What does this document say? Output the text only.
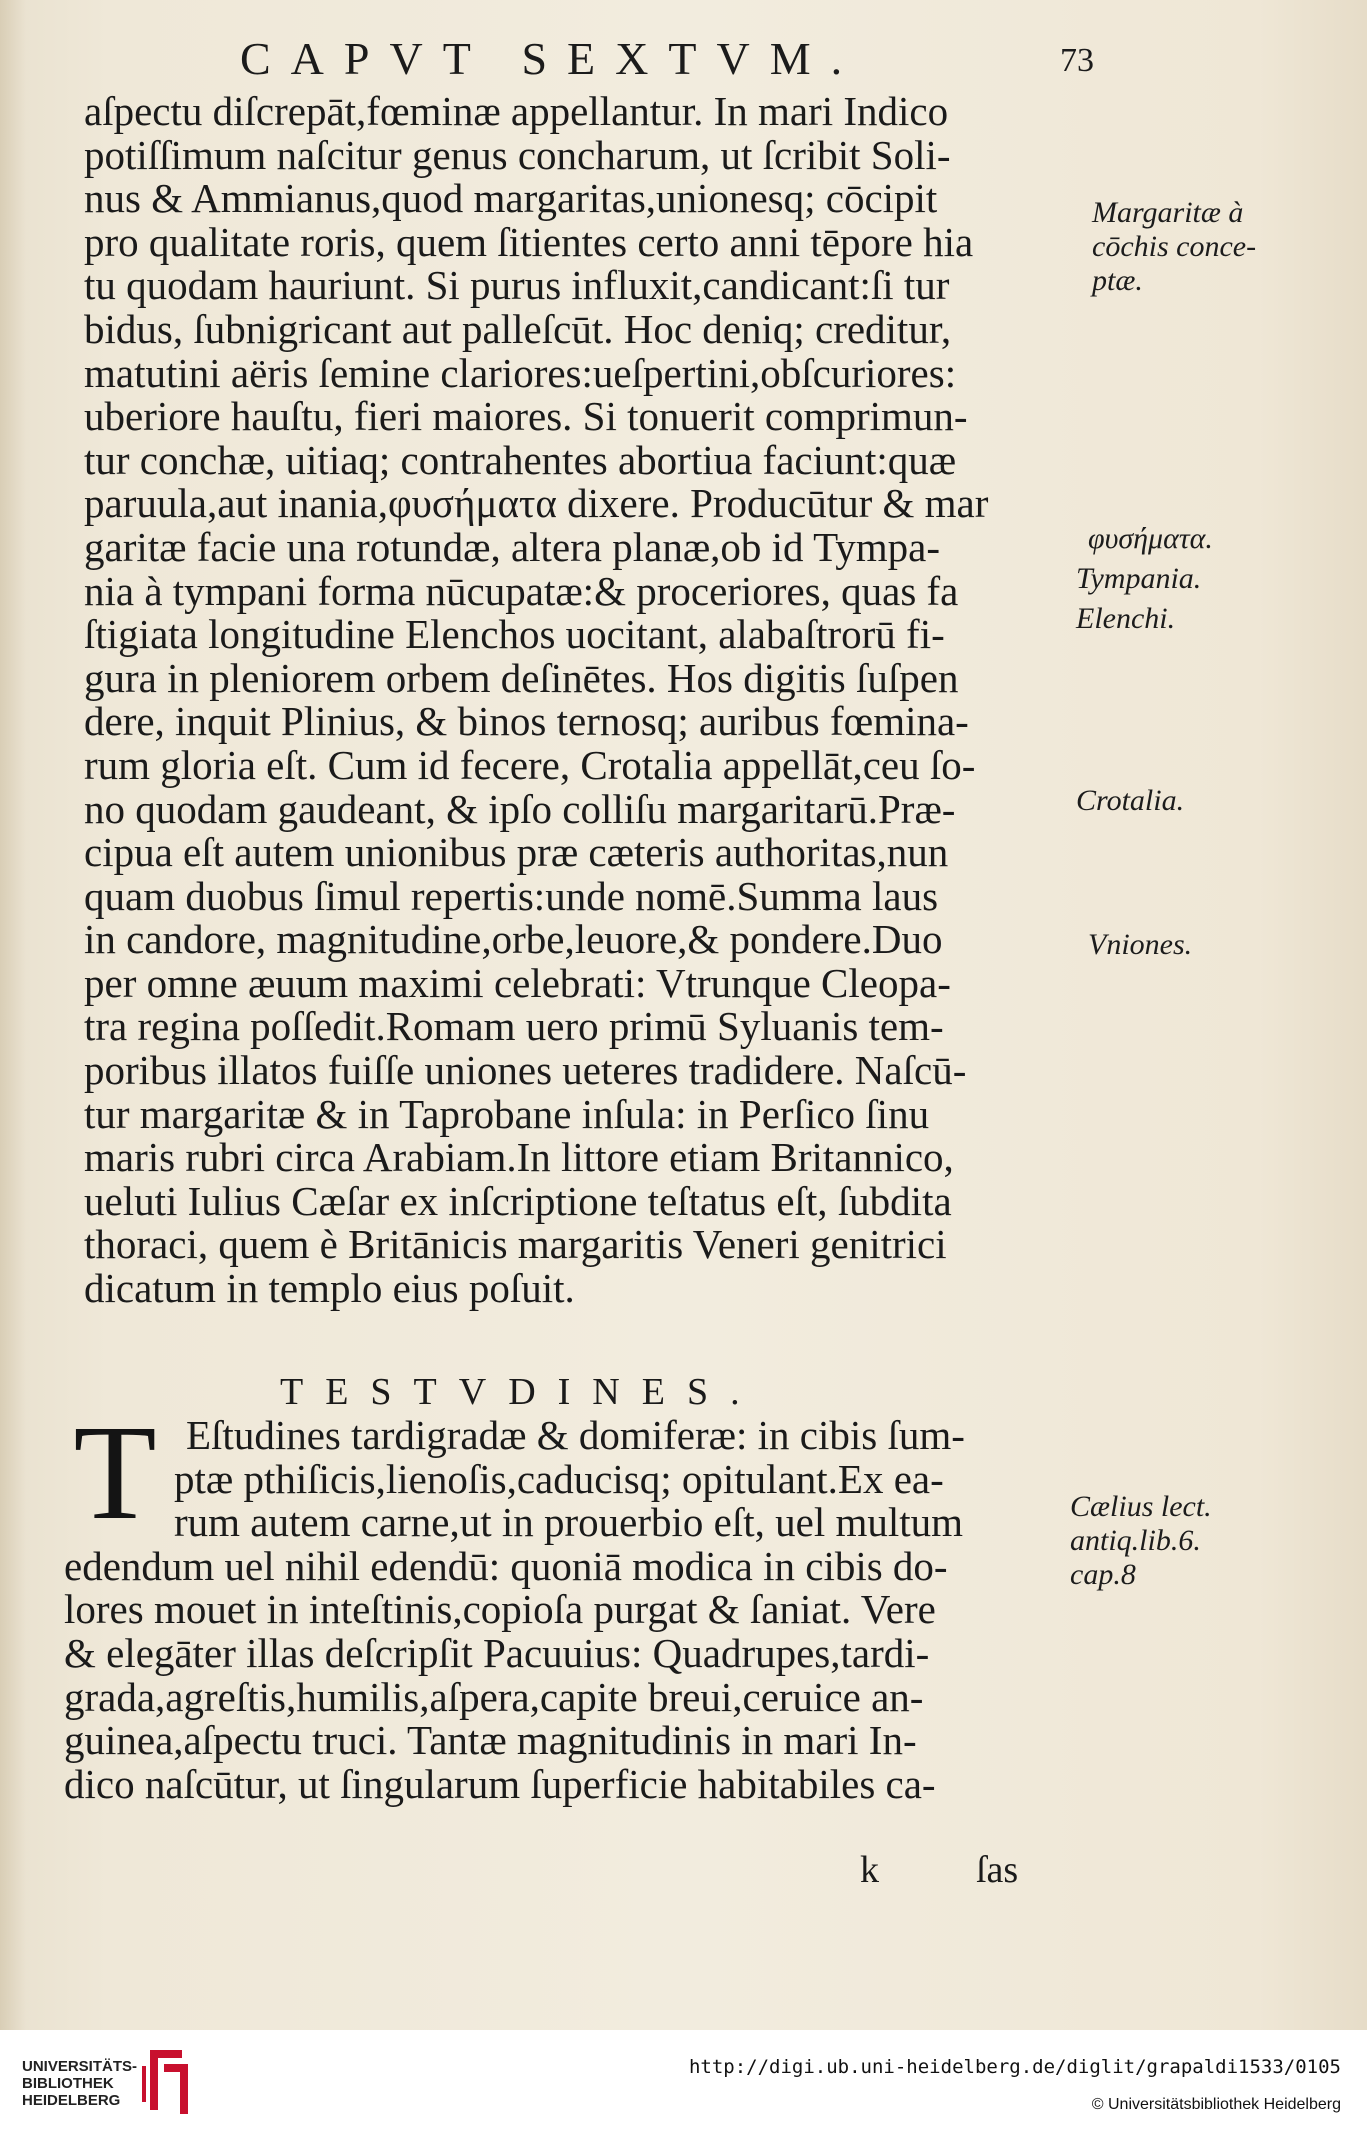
CAPVT SEXTVM.	73
aſpectu diſcrepāt,fœminæ appellantur. In mari Indico
potiſſimum naſcitur genus concharum, ut ſcribit Soli-
nus & Ammianus,quod margaritas,unionesq; cōcipit
pro qualitate roris, quem ſitientes certo anni tēpore hia
tu quodam hauriunt. Si purus influxit,candicant:ſi tur
bidus, ſubnigricant aut palleſcūt. Hoc deniq; creditur,
matutini aëris ſemine clariores:ueſpertini,obſcuriores:
uberiore hauſtu, fieri maiores. Si tonuerit comprimun-
tur conchæ, uitiaq; contrahentes abortiua faciunt:quæ
paruula,aut inania,φυσήματα dixere. Producūtur & mar
garitæ facie una rotundæ, altera planæ,ob id Tympa-
nia à tympani forma nūcupatæ:& proceriores, quas fa
ſtigiata longitudine Elenchos uocitant, alabaſtrorū fi-
gura in pleniorem orbem deſinētes. Hos digitis ſuſpen
dere, inquit Plinius, & binos ternosq; auribus fœmina-
rum gloria eſt. Cum id fecere, Crotalia appellāt,ceu ſo-
no quodam gaudeant, & ipſo colliſu margaritarū.Præ-
cipua eſt autem unionibus præ cæteris authoritas,nun
quam duobus ſimul repertis:unde nomē.Summa laus
in candore, magnitudine,orbe,leuore,& pondere.Duo
per omne æuum maximi celebrati: Vtrunque Cleopa-
tra regina poſſedit.Romam uero primū Syluanis tem-
poribus illatos fuiſſe uniones ueteres tradidere. Naſcū-
tur margaritæ & in Taprobane inſula: in Perſico ſinu
maris rubri circa Arabiam.In littore etiam Britannico,
ueluti Iulius Cæſar ex inſcriptione teſtatus eſt, ſubdita
thoraci, quem è Britānicis margaritis Veneri genitrici
dicatum in templo eius poſuit.
TESTVDINES.
T Eſtudines tardigradæ & domiferæ: in cibis ſum-
ptæ pthiſicis,lienoſis,caducisq; opitulant.Ex ea-
rum autem carne,ut in prouerbio eſt, uel multum
edendum uel nihil edendū: quoniā modica in cibis do-
lores mouet in inteſtinis,copioſa purgat & ſaniat. Vere
& elegāter illas deſcripſit Pacuuius: Quadrupes,tardi-
grada,agreſtis,humilis,aſpera,capite breui,ceruice an-
guinea,aſpectu truci. Tantæ magnitudinis in mari In-
dico naſcūtur, ut ſingularum ſuperficie habitabiles ca-
k	ſas
Margaritæ à
cōchis conce-
ptæ.
φυσήματα.
Tympania.
Elenchi.
Crotalia.
Vniones.
Cælius lect.
antiq.lib.6.
cap.8
UNIVERSITÄTS-
BIBLIOTHEK
HEIDELBERG
http://digi.ub.uni-heidelberg.de/diglit/grapaldi1533/0105
© Universitätsbibliothek Heidelberg
